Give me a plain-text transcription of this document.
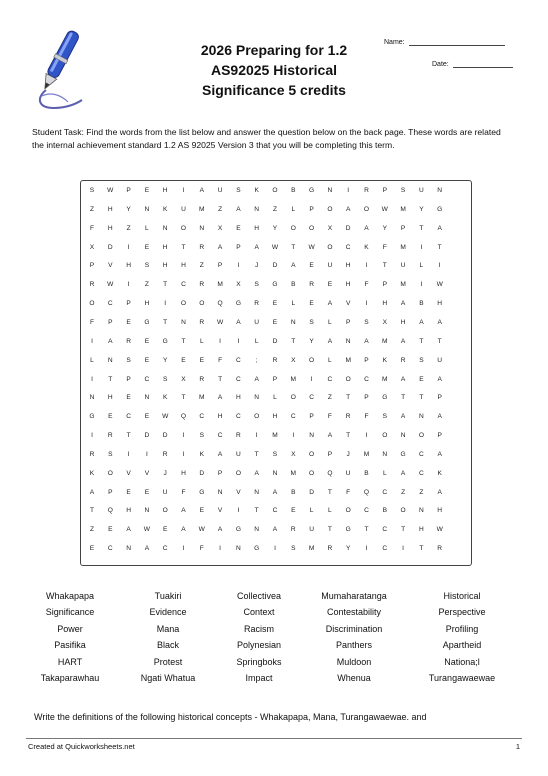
2026 Preparing for 1.2
AS92025 Historical
Significance 5 credits
Name:
Date:
Student Task: Find the words from the list below and answer the question below on the back page. These words are related the internal achievement standard 1.2 AS 92025 Version 3 that you will be completing this term.
S	W	P	E	H	I	A	U	S	K	O	B	G	N	I	R	P	S	U	N
Z	H	Y	N	K	U	M	Z	A	N	Z	L	P	O	A	O	W	M	Y	G
F	H	Z	L	N	O	N	X	E	H	Y	O	O	X	D	A	Y	P	T	A
X	D	I	E	H	T	R	A	P	A	W	T	W	O	C	K	F	M	I	T
P	V	H	S	H	H	Z	P	I	J	D	A	E	U	H	I	T	U	L	I
R	W	I	Z	T	C	R	M	X	S	G	B	R	E	H	F	P	M	I	W
O	C	P	H	I	O	O	Q	G	R	E	L	E	A	V	I	H	A	B	H
F	P	E	G	T	N	R	W	A	U	E	N	S	L	P	S	X	H	A	A
I	A	R	E	G	T	L	I	I	L	D	T	Y	A	N	A	M	A	T	T
L	N	S	E	Y	E	E	F	C	;	R	X	O	L	M	P	K	R	S	U
I	T	P	C	S	X	R	T	C	A	P	M	I	C	O	C	M	A	E	A
N	H	E	N	K	T	M	A	H	N	L	O	C	Z	T	P	G	T	T	P
G	E	C	E	W	Q	C	H	C	O	H	C	P	F	R	F	S	A	N	A
I	R	T	D	D	I	S	C	R	I	M	I	N	A	T	I	O	N	O	P
R	S	I	I	R	I	K	A	U	T	S	X	O	P	J	M	N	G	C	A
K	O	V	V	J	H	D	P	O	A	N	M	O	Q	U	B	L	A	C	K
A	P	E	E	U	F	G	N	V	N	A	B	D	T	F	Q	C	Z	Z	A
T	Q	H	N	O	A	E	V	I	T	C	E	L	L	O	C	B	O	N	H
Z	E	A	W	E	A	W	A	G	N	A	R	U	T	G	T	C	T	H	W
E	C	N	A	C	I	F	I	N	G	I	S	M	R	Y	I	C	I	T	R
Whakapapa	Tuakiri	Collectivea	Mumaharatanga	Historical
Significance	Evidence	Context	Contestability	Perspective
Power	Mana	Racism	Discrimination	Profiling
Pasifika	Black	Polynesian	Panthers	Apartheid
HART	Protest	Springboks	Muldoon	Nationa;l
Takaparawhau	Ngati Whatua	Impact	Whenua	Turangawaewae
Write the definitions of the following historical concepts - Whakapapa, Mana, Turangawaewae. and
Created at Quickworksheets.net	1
